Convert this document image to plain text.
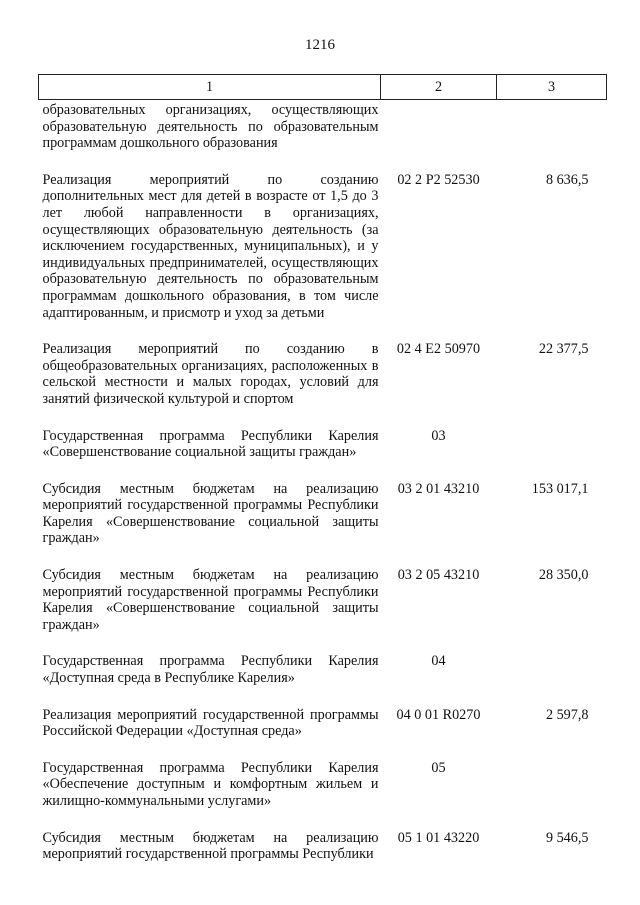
1216
1	2	3
образовательных организациях, осуществляющих образовательную деятельность по образовательным программам дошкольного образования		
Реализация мероприятий по созданию дополнительных мест для детей в возрасте от 1,5 до 3 лет любой направленности в организациях, осуществляющих образовательную деятельность (за исключением государственных, муниципальных), и у индивидуальных предпринимателей, осуществляющих образовательную деятельность по образовательным программам дошкольного образования, в том числе адаптированным, и присмотр и уход за детьми	02 2 P2 52530	8 636,5
Реализация мероприятий по созданию в общеобразовательных организациях, расположенных в сельской местности и малых городах, условий для занятий физической культурой и спортом	02 4 E2 50970	22 377,5
Государственная программа Республики Карелия «Совершенствование социальной защиты граждан»	03	
Субсидия местным бюджетам на реализацию мероприятий государственной программы Республики Карелия «Совершенствование социальной защиты граждан»	03 2 01 43210	153 017,1
Субсидия местным бюджетам на реализацию мероприятий государственной программы Республики Карелия «Совершенствование социальной защиты граждан»	03 2 05 43210	28 350,0
Государственная программа Республики Карелия «Доступная среда в Республике Карелия»	04	
Реализация мероприятий государственной программы Российской Федерации «Доступная среда»	04 0 01 R0270	2 597,8
Государственная программа Республики Карелия «Обеспечение доступным и комфортным жильем и жилищно-коммунальными услугами»	05	
Субсидия местным бюджетам на реализацию мероприятий государственной программы Республики	05 1 01 43220	9 546,5
